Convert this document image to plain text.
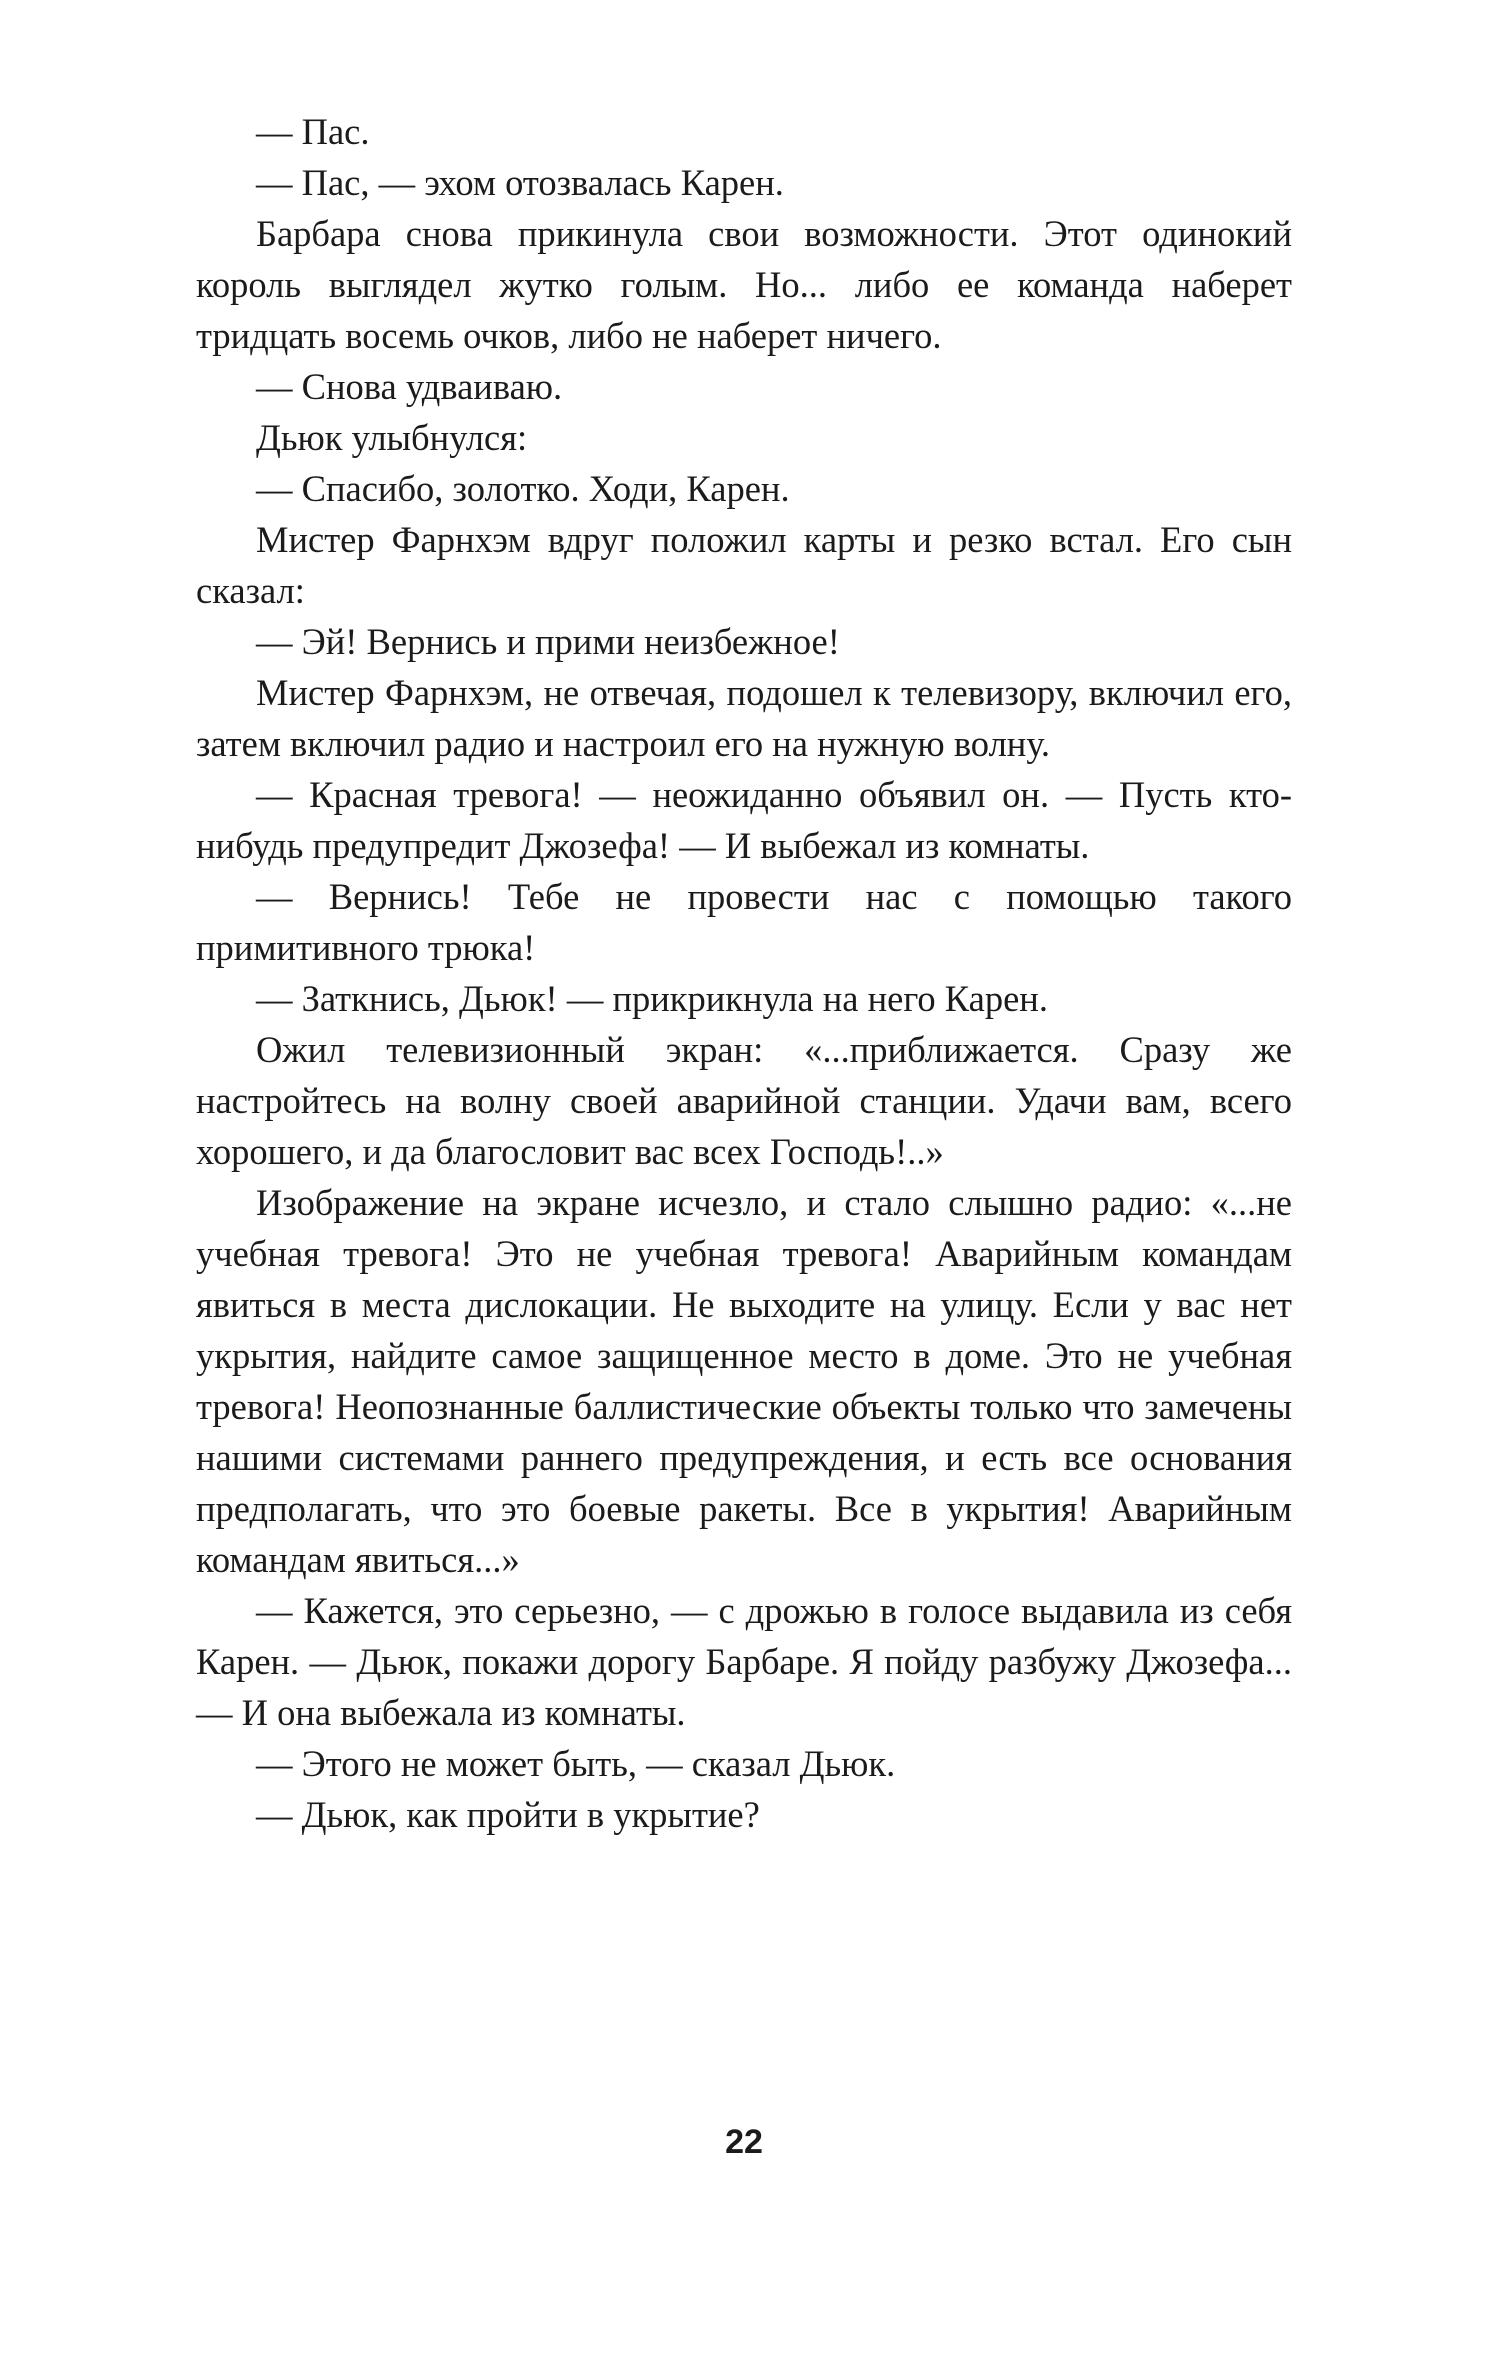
— Пас.

— Пас, — эхом отозвалась Карен.

Барбара снова прикинула свои возможности. Этот одинокий король выглядел жутко голым. Но... либо ее команда наберет тридцать восемь очков, либо не наберет ничего.

— Снова удваиваю.

Дьюк улыбнулся:

— Спасибо, золотко. Ходи, Карен.

Мистер Фарнхэм вдруг положил карты и резко встал. Его сын сказал:

— Эй! Вернись и прими неизбежное!

Мистер Фарнхэм, не отвечая, подошел к телевизору, включил его, затем включил радио и настроил его на нужную волну.

— Красная тревога! — неожиданно объявил он. — Пусть кто-нибудь предупредит Джозефа! — И выбежал из комнаты.

— Вернись! Тебе не провести нас с помощью такого примитивного трюка!

— Заткнись, Дьюк! — прикрикнула на него Карен.

Ожил телевизионный экран: «...приближается. Сразу же настройтесь на волну своей аварийной станции. Удачи вам, всего хорошего, и да благословит вас всех Господь!..»

Изображение на экране исчезло, и стало слышно радио: «...не учебная тревога! Это не учебная тревога! Аварийным командам явиться в места дислокации. Не выходите на улицу. Если у вас нет укрытия, найдите самое защищенное место в доме. Это не учебная тревога! Неопознанные баллистические объекты только что замечены нашими системами раннего предупреждения, и есть все основания предполагать, что это боевые ракеты. Все в укрытия! Аварийным командам явиться...»

— Кажется, это серьезно, — с дрожью в голосе выдавила из себя Карен. — Дьюк, покажи дорогу Барбаре. Я пойду разбужу Джозефа... — И она выбежала из комнаты.

— Этого не может быть, — сказал Дьюк.

— Дьюк, как пройти в укрытие?

22
